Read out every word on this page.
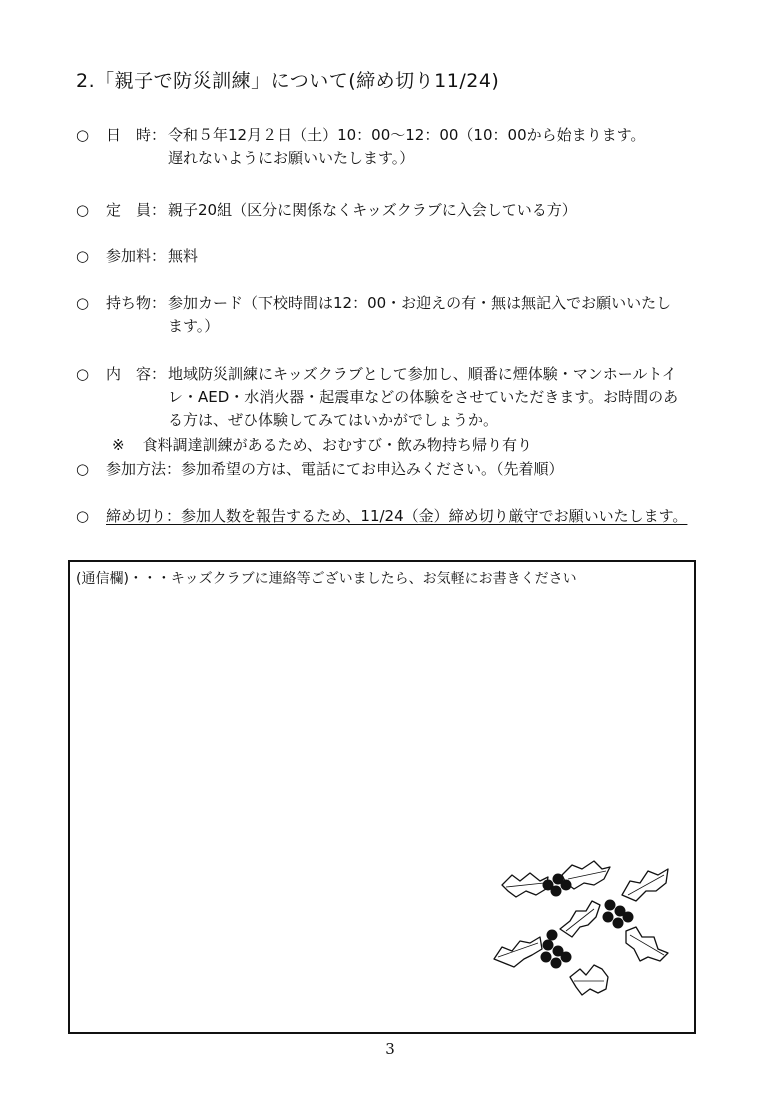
2.「親子で防災訓練」について(締め切り11/24)
○ 日　時： 令和５年12月２日（土）10：00～12：00（10：00から始まります。
遅れないようにお願いいたします。）
○ 定　員： 親子20組（区分に関係なくキッズクラブに入会している方）
○ 参加料： 無料
○ 持ち物： 参加カード（下校時間は12：00・お迎えの有・無は無記入でお願いいたし
ます。）
○ 内　容： 地域防災訓練にキッズクラブとして参加し、順番に煙体験・マンホールトイ
レ・AED・水消火器・起震車などの体験をさせていただきます。お時間のあ
る方は、ぜひ体験してみてはいかがでしょうか。
※ 食料調達訓練があるため、おむすび・飲み物持ち帰り有り
○ 参加方法：参加希望の方は、電話にてお申込みください。（先着順）
○ 締め切り：参加人数を報告するため、11/24（金）締め切り厳守でお願いいたします。
(通信欄)・・・キッズクラブに連絡等ございましたら、お気軽にお書きください
3
